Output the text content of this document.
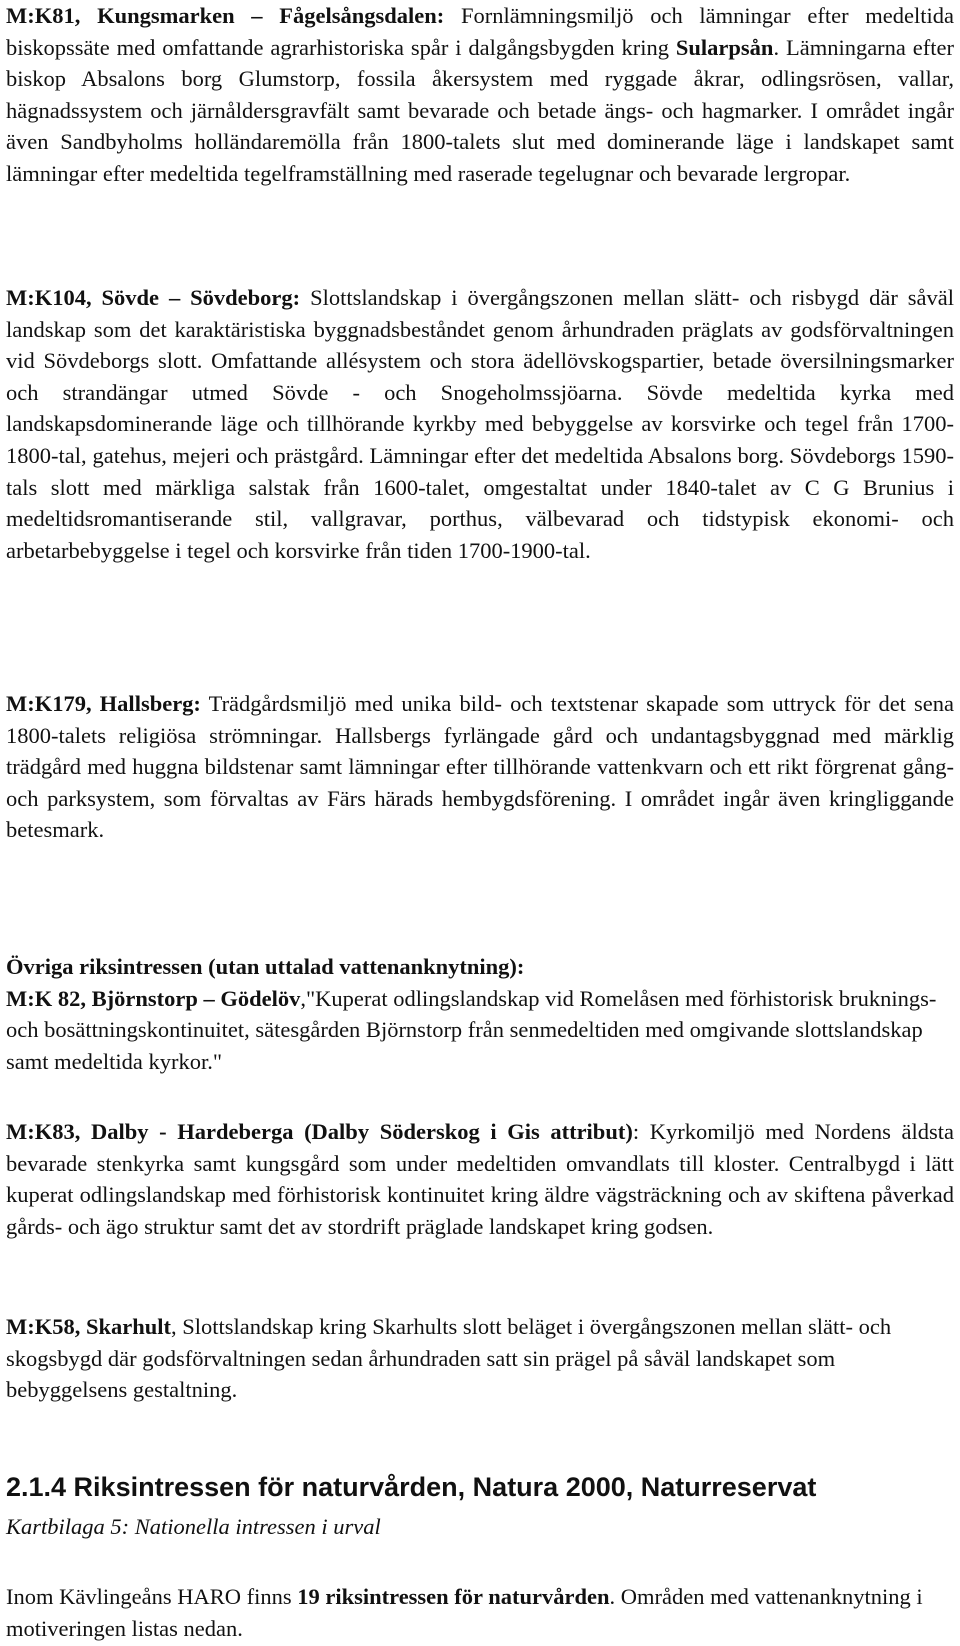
M:K81, Kungsmarken – Fågelsångsdalen: Fornlämningsmiljö och lämningar efter medeltida biskopssäte med omfattande agrarhistoriska spår i dalgångsbygden kring Sularpsån. Lämningarna efter biskop Absalons borg Glumstorp, fossila åkersystem med ryggade åkrar, odlingsrösen, vallar, hägnadssystem och järnåldersgravfält samt bevarade och betade ängs- och hagmarker. I området ingår även Sandbyholms holländaremölla från 1800-talets slut med dominerande läge i landskapet samt lämningar efter medeltida tegelframställning med raserade tegelugnar och bevarade lergropar.

M:K104, Sövde – Sövdeborg: Slottslandskap i övergångszonen mellan slätt- och risbygd där såväl landskap som det karaktäristiska byggnadsbeståndet genom århundraden präglats av godsförvaltningen vid Sövdeborgs slott. Omfattande allésystem och stora ädellövskogspartier, betade översilningsmarker och strandängar utmed Sövde - och Snogeholmssjöarna. Sövde medeltida kyrka med landskapsdominerande läge och tillhörande kyrkby med bebyggelse av korsvirke och tegel från 1700-1800-tal, gatehus, mejeri och prästgård. Lämningar efter det medeltida Absalons borg. Sövdeborgs 1590-tals slott med märkliga salstak från 1600-talet, omgestaltat under 1840-talet av C G Brunius i medeltidsromantiserande stil, vallgravar, porthus, välbevarad och tidstypisk ekonomi- och arbetarbebyggelse i tegel och korsvirke från tiden 1700-1900-tal.

M:K179, Hallsberg: Trädgårdsmiljö med unika bild- och textstenar skapade som uttryck för det sena 1800-talets religiösa strömningar. Hallsbergs fyrlängade gård och undantagsbyggnad med märklig trädgård med huggna bildstenar samt lämningar efter tillhörande vattenkvarn och ett rikt förgrenat gång- och parksystem, som förvaltas av Färs härads hembygdsförening. I området ingår även kringliggande betesmark.

Övriga riksintressen (utan uttalad vattenanknytning):
M:K 82, Björnstorp – Gödelöv,"Kuperat odlingslandskap vid Romelåsen med förhistorisk bruknings- och bosättningskontinuitet, sätesgården Björnstorp från senmedeltiden med omgivande slottslandskap samt medeltida kyrkor."

M:K83, Dalby - Hardeberga (Dalby Söderskog i Gis attribut): Kyrkomiljö med Nordens äldsta bevarade stenkyrka samt kungsgård som under medeltiden omvandlats till kloster. Centralbygd i lätt kuperat odlingslandskap med förhistorisk kontinuitet kring äldre vägsträckning och av skiftena påverkad gårds- och ägo struktur samt det av stordrift präglade landskapet kring godsen.

M:K58, Skarhult, Slottslandskap kring Skarhults slott beläget i övergångszonen mellan slätt- och skogsbygd där godsförvaltningen sedan århundraden satt sin prägel på såväl landskapet som bebyggelsens gestaltning.

2.1.4 Riksintressen för naturvården, Natura 2000, Naturreservat

Kartbilaga 5: Nationella intressen i urval

Inom Kävlingeåns HARO finns 19 riksintressen för naturvården. Områden med vattenanknytning i motiveringen listas nedan.
